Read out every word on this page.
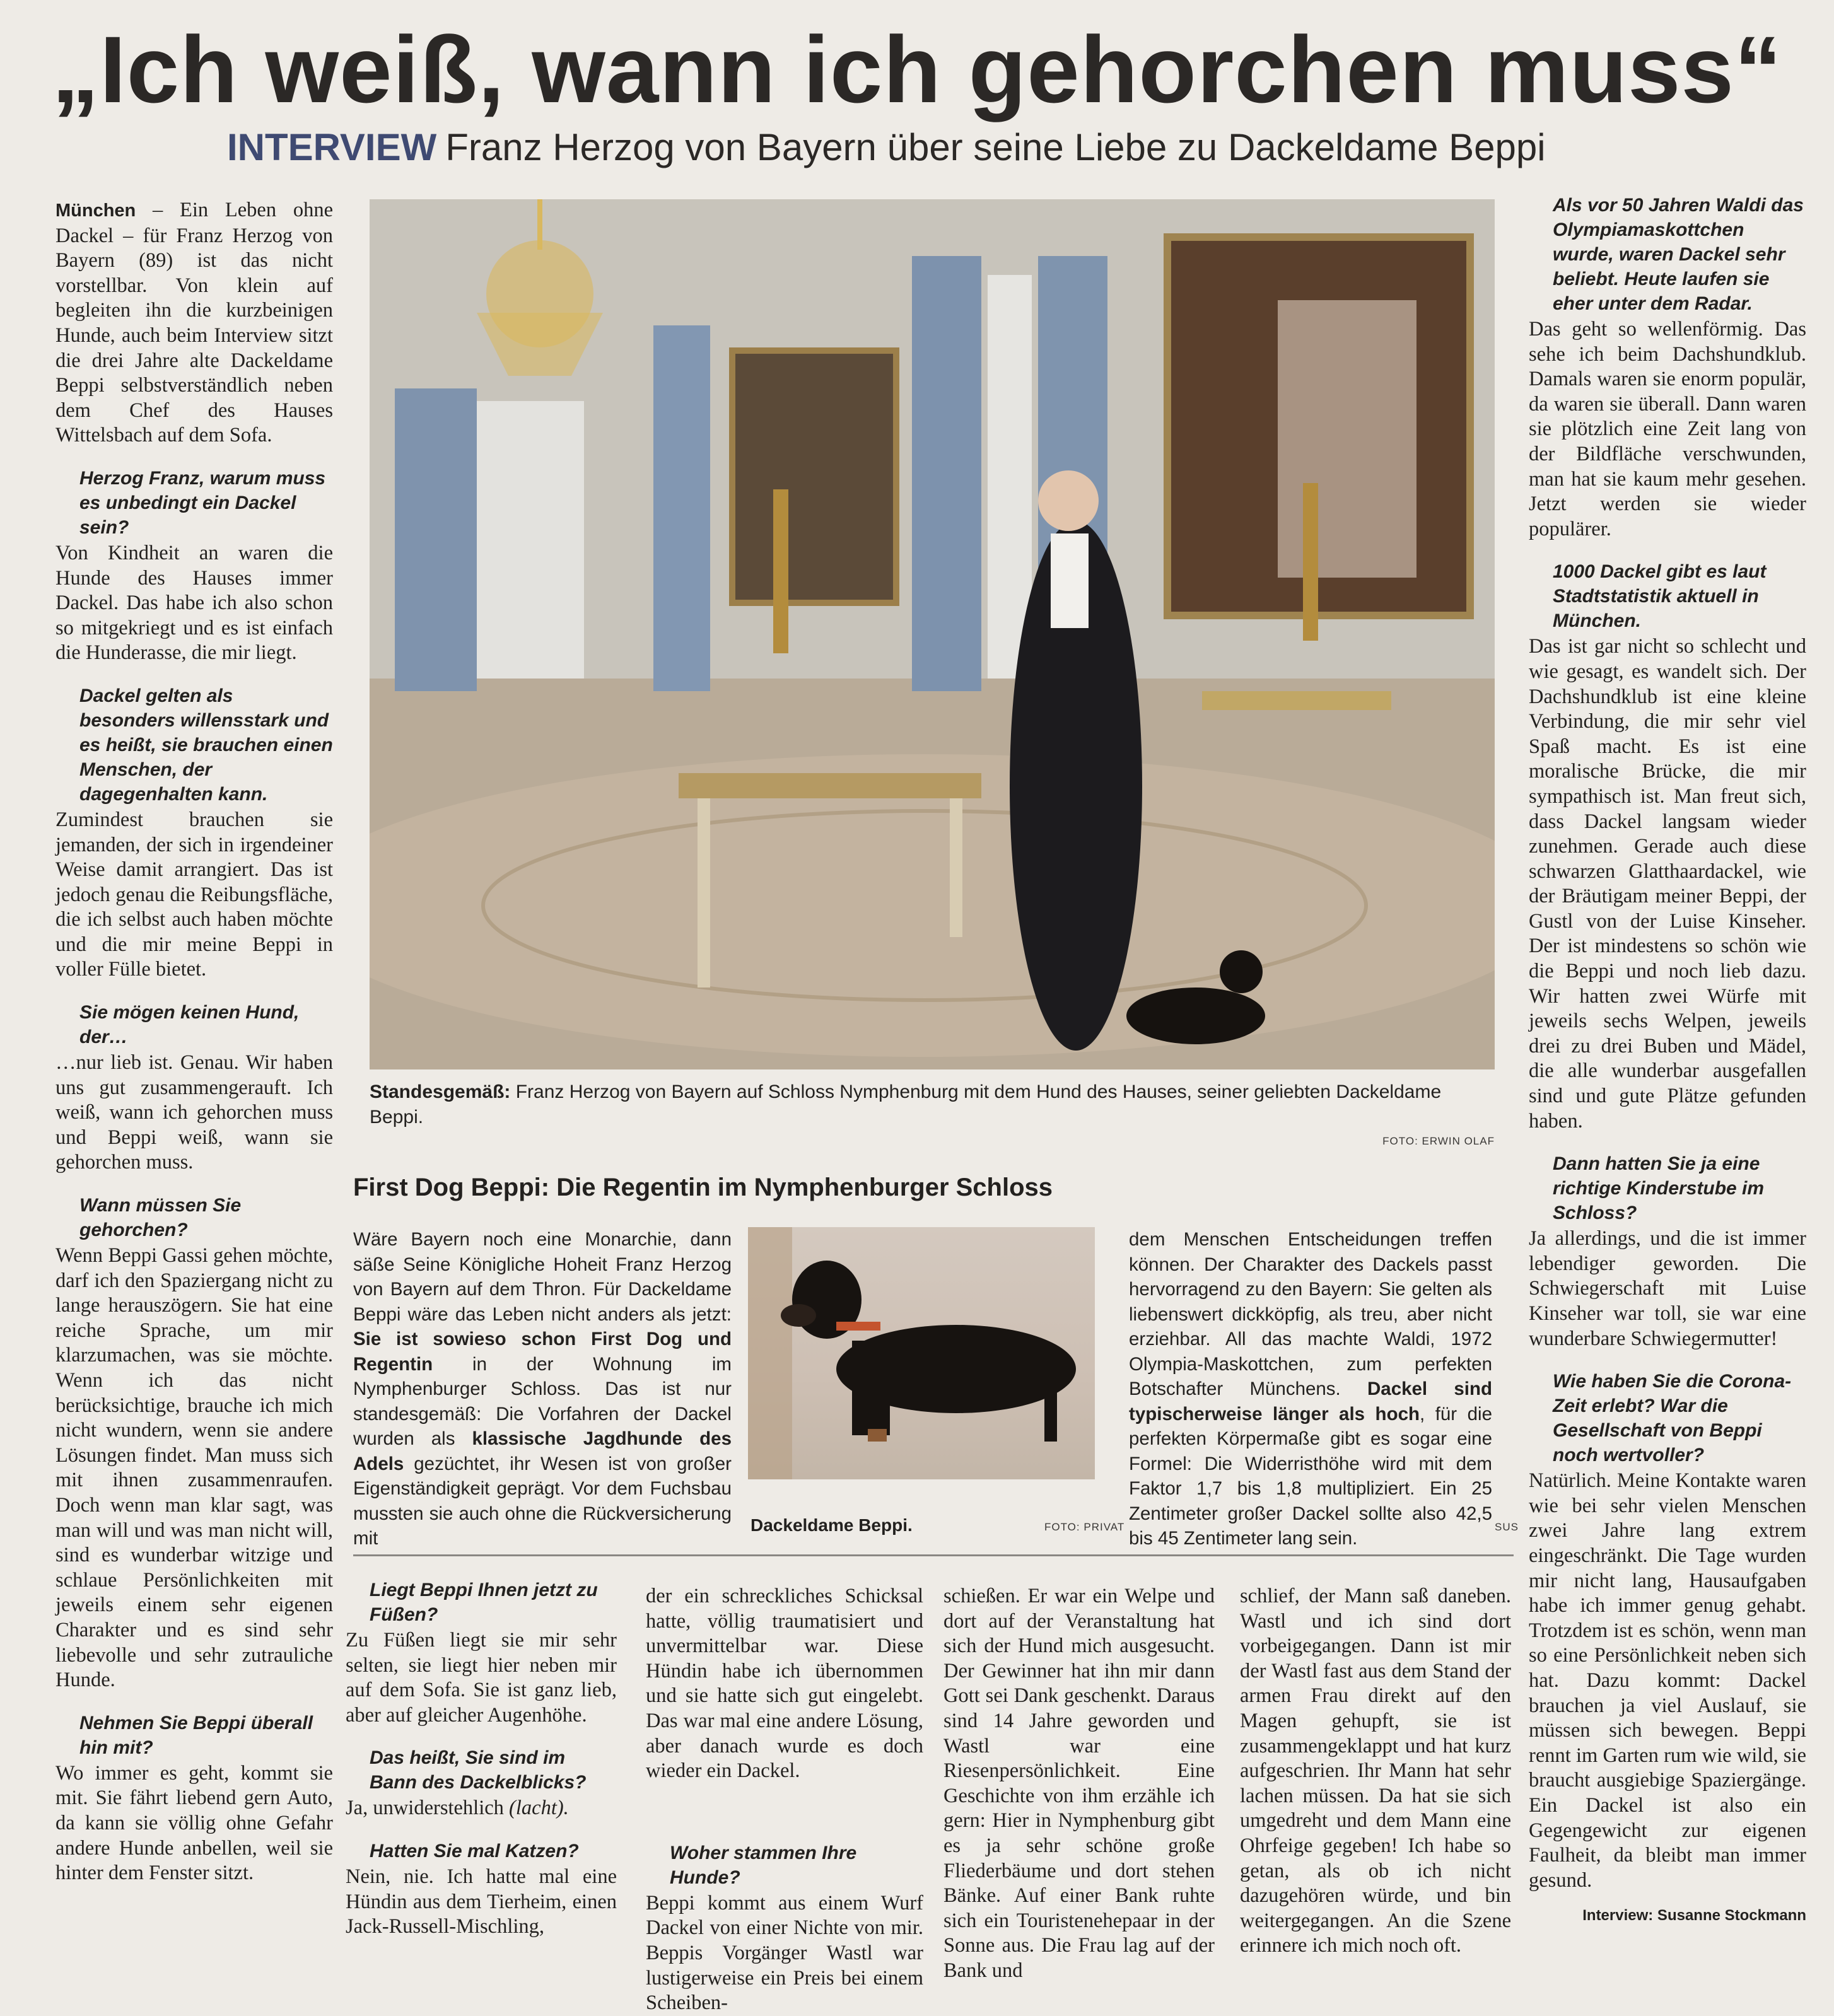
„Ich weiß, wann ich gehorchen muss“
INTERVIEW Franz Herzog von Bayern über seine Liebe zu Dackeldame Beppi

München – Ein Leben ohne Dackel – für Franz Herzog von Bayern (89) ist das nicht vorstellbar. Von klein auf begleiten ihn die kurzbeinigen Hunde, auch beim Interview sitzt die drei Jahre alte Dackeldame Beppi selbstverständlich neben dem Chef des Hauses Wittelsbach auf dem Sofa.

Herzog Franz, warum muss es unbedingt ein Dackel sein?

Von Kindheit an waren die Hunde des Hauses immer Dackel. Das habe ich also schon so mitgekriegt und es ist einfach die Hunderasse, die mir liegt.

Dackel gelten als besonders willensstark und es heißt, sie brauchen einen Menschen, der dagegenhalten kann.

Zumindest brauchen sie jemanden, der sich in irgendeiner Weise damit arrangiert. Das ist jedoch genau die Reibungsfläche, die ich selbst auch haben möchte und die mir meine Beppi in voller Fülle bietet.

Sie mögen keinen Hund, der…

…nur lieb ist. Genau. Wir haben uns gut zusammengerauft. Ich weiß, wann ich gehorchen muss und Beppi weiß, wann sie gehorchen muss.

Wann müssen Sie gehorchen?

Wenn Beppi Gassi gehen möchte, darf ich den Spaziergang nicht zu lange herauszögern. Sie hat eine reiche Sprache, um mir klarzumachen, was sie möchte. Wenn ich das nicht berücksichtige, brauche ich mich nicht wundern, wenn sie andere Lösungen findet. Man muss sich mit ihnen zusammenraufen. Doch wenn man klar sagt, was man will und was man nicht will, sind es wunderbar witzige und schlaue Persönlichkeiten mit jeweils einem sehr eigenen Charakter und es sind sehr liebevolle und sehr zutrauliche Hunde.

Nehmen Sie Beppi überall hin mit?

Wo immer es geht, kommt sie mit. Sie fährt liebend gern Auto, da kann sie völlig ohne Gefahr andere Hunde anbellen, weil sie hinter dem Fenster sitzt.

Standesgemäß: Franz Herzog von Bayern auf Schloss Nymphenburg mit dem Hund des Hauses, seiner geliebten Dackeldame Beppi.
FOTO: ERWIN OLAF
First Dog Beppi: Die Regentin im Nymphenburger Schloss
Wäre Bayern noch eine Monarchie, dann säße Seine Königliche Hoheit Franz Herzog von Bayern auf dem Thron. Für Dackeldame Beppi wäre das Leben nicht anders als jetzt: Sie ist sowieso schon First Dog und Regentin in der Wohnung im Nymphenburger Schloss. Das ist nur standesgemäß: Die Vorfahren der Dackel wurden als klassische Jagdhunde des Adels gezüchtet, ihr Wesen ist von großer Eigenständigkeit geprägt. Vor dem Fuchsbau mussten sie auch ohne die Rückversicherung mit
Dackeldame Beppi.	FOTO: PRIVAT
dem Menschen Entscheidungen treffen können. Der Charakter des Dackels passt hervorragend zu den Bayern: Sie gelten als liebenswert dickköpfig, als treu, aber nicht erziehbar. All das machte Waldi, 1972 Olympia-Maskottchen, zum perfekten Botschafter Münchens. Dackel sind typischerweise länger als hoch, für die perfekten Körpermaße gibt es sogar eine Formel: Die Widerristhöhe wird mit dem Faktor 1,7 bis 1,8 multipliziert. Ein 25 Zentimeter großer Dackel sollte also 42,5 bis 45 Zentimeter lang sein.
SUS

Liegt Beppi Ihnen jetzt zu Füßen?

Zu Füßen liegt sie mir sehr selten, sie liegt hier neben mir auf dem Sofa. Sie ist ganz lieb, aber auf gleicher Augenhöhe.

Das heißt, Sie sind im Bann des Dackelblicks?

Ja, unwiderstehlich (lacht).

Hatten Sie mal Katzen?

Nein, nie. Ich hatte mal eine Hündin aus dem Tierheim, einen Jack-Russell-Mischling,

der ein schreckliches Schicksal hatte, völlig traumatisiert und unvermittelbar war. Diese Hündin habe ich übernommen und sie hatte sich gut eingelebt. Das war mal eine andere Lösung, aber danach wurde es doch wieder ein Dackel.

Woher stammen Ihre Hunde?

Beppi kommt aus einem Wurf Dackel von einer Nichte von mir. Beppis Vorgänger Wastl war lustigerweise ein Preis bei einem Scheiben-

schießen. Er war ein Welpe und dort auf der Veranstaltung hat sich der Hund mich ausgesucht. Der Gewinner hat ihn mir dann Gott sei Dank geschenkt. Daraus sind 14 Jahre geworden und Wastl war eine Riesenpersönlichkeit. Eine Geschichte von ihm erzähle ich gern: Hier in Nymphenburg gibt es ja sehr schöne große Fliederbäume und dort stehen Bänke. Auf einer Bank ruhte sich ein Touristenehepaar in der Sonne aus. Die Frau lag auf der Bank und

schlief, der Mann saß daneben. Wastl und ich sind dort vorbeigegangen. Dann ist mir der Wastl fast aus dem Stand der armen Frau direkt auf den Magen gehupft, sie ist zusammengeklappt und hat kurz aufgeschrien. Ihr Mann hat sehr lachen müssen. Da hat sie sich umgedreht und dem Mann eine Ohrfeige gegeben! Ich habe so getan, als ob ich nicht dazugehören würde, und bin weitergegangen. An die Szene erinnere ich mich noch oft.

Als vor 50 Jahren Waldi das Olympiamaskottchen wurde, waren Dackel sehr beliebt. Heute laufen sie eher unter dem Radar.

Das geht so wellenförmig. Das sehe ich beim Dachshundklub. Damals waren sie enorm populär, da waren sie überall. Dann waren sie plötzlich eine Zeit lang von der Bildfläche verschwunden, man hat sie kaum mehr gesehen. Jetzt werden sie wieder populärer.

1000 Dackel gibt es laut Stadtstatistik aktuell in München.

Das ist gar nicht so schlecht und wie gesagt, es wandelt sich. Der Dachshundklub ist eine kleine Verbindung, die mir sehr viel Spaß macht. Es ist eine moralische Brücke, die mir sympathisch ist. Man freut sich, dass Dackel langsam wieder zunehmen. Gerade auch diese schwarzen Glatthaardackel, wie der Bräutigam meiner Beppi, der Gustl von der Luise Kinseher. Der ist mindestens so schön wie die Beppi und noch lieb dazu. Wir hatten zwei Würfe mit jeweils sechs Welpen, jeweils drei zu drei Buben und Mädel, die alle wunderbar ausgefallen sind und gute Plätze gefunden haben.

Dann hatten Sie ja eine richtige Kinderstube im Schloss?

Ja allerdings, und die ist immer lebendiger geworden. Die Schwiegerschaft mit Luise Kinseher war toll, sie war eine wunderbare Schwiegermutter!

Wie haben Sie die Corona-Zeit erlebt? War die Gesellschaft von Beppi noch wertvoller?

Natürlich. Meine Kontakte waren wie bei sehr vielen Menschen zwei Jahre lang extrem eingeschränkt. Die Tage wurden mir nicht lang, Hausaufgaben habe ich immer genug gehabt. Trotzdem ist es schön, wenn man so eine Persönlichkeit neben sich hat. Dazu kommt: Dackel brauchen ja viel Auslauf, sie müssen sich bewegen. Beppi rennt im Garten rum wie wild, sie braucht ausgiebige Spaziergänge. Ein Dackel ist also ein Gegengewicht zur eigenen Faulheit, da bleibt man immer gesund.

Interview: Susanne Stockmann
